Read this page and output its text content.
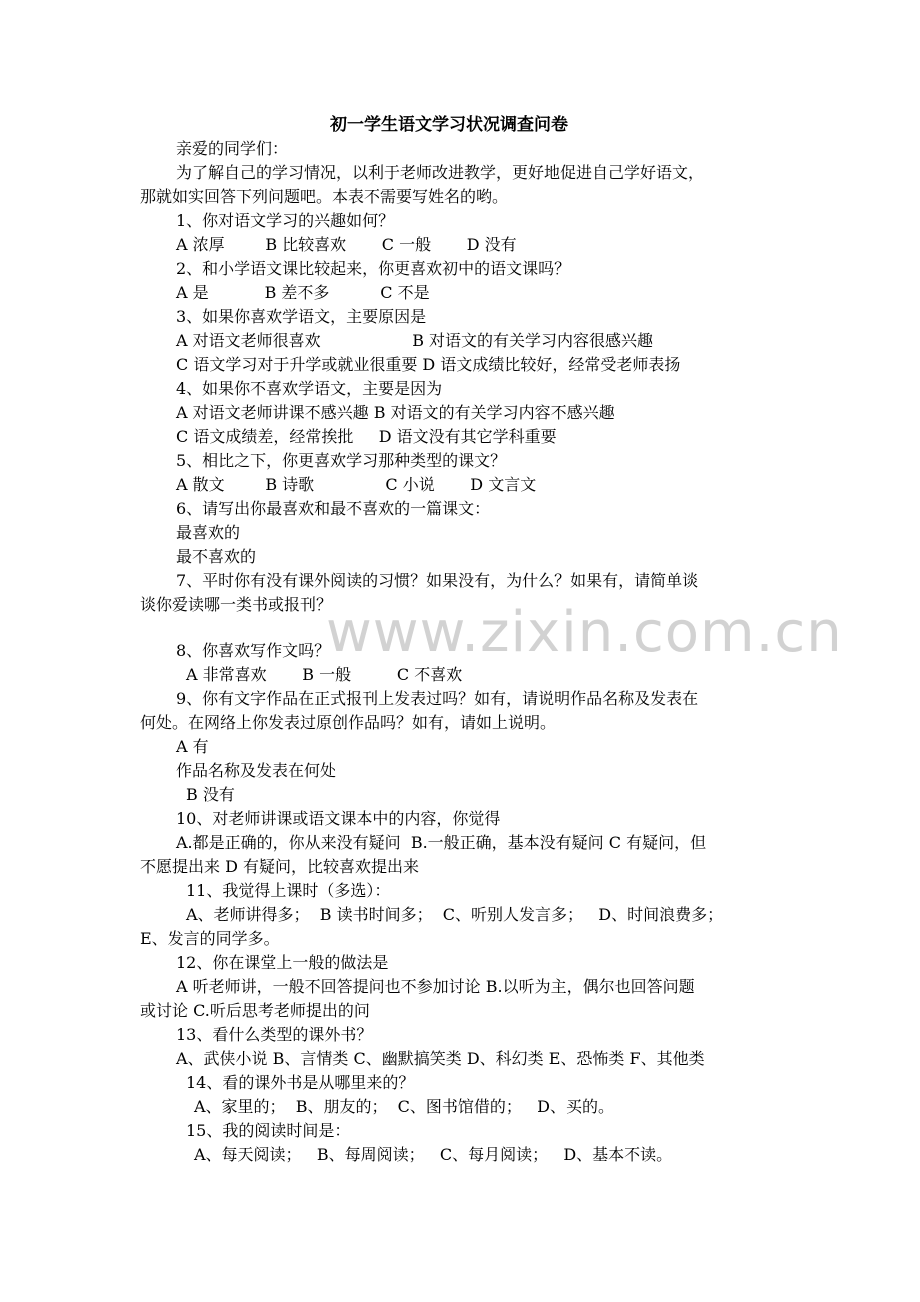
www.zixin.com.cn
初一学生语文学习状况调查问卷
亲爱的同学们：
为了解自己的学习情况，以利于老师改进教学，更好地促进自己学好语文，
那就如实回答下列问题吧。本表不需要写姓名的哟。
1、你对语文学习的兴趣如何？
A 浓厚        B 比较喜欢       C 一般       D 没有
2、和小学语文课比较起来，你更喜欢初中的语文课吗？
A 是           B 差不多          C 不是
3、如果你喜欢学语文，主要原因是
A 对语文老师很喜欢                  B 对语文的有关学习内容很感兴趣
C 语文学习对于升学或就业很重要 D 语文成绩比较好，经常受老师表扬
4、如果你不喜欢学语文，主要是因为
A 对语文老师讲课不感兴趣 B 对语文的有关学习内容不感兴趣
C 语文成绩差，经常挨批     D 语文没有其它学科重要
5、相比之下，你更喜欢学习那种类型的课文？
A 散文        B 诗歌              C 小说       D 文言文
6、请写出你最喜欢和最不喜欢的一篇课文：
最喜欢的
最不喜欢的
7、平时你有没有课外阅读的习惯？如果没有，为什么？如果有，请简单谈
谈你爱读哪一类书或报刊？
8、你喜欢写作文吗？
A 非常喜欢       B 一般         C 不喜欢
9、你有文字作品在正式报刊上发表过吗？如有，请说明作品名称及发表在
何处。在网络上你发表过原创作品吗？如有，请如上说明。
A 有
作品名称及发表在何处
B 没有
10、对老师讲课或语文课本中的内容，你觉得
A.都是正确的，你从来没有疑问  B.一般正确，基本没有疑问 C 有疑问，但
不愿提出来 D 有疑问，比较喜欢提出来
11、我觉得上课时（多选）：
A、老师讲得多；  B 读书时间多；  C、听别人发言多；   D、时间浪费多；
E、发言的同学多。
12、你在课堂上一般的做法是
A 听老师讲，一般不回答提问也不参加讨论 B.以听为主，偶尔也回答问题
或讨论 C.听后思考老师提出的问
13、看什么类型的课外书？
A、武侠小说 B、言情类 C、幽默搞笑类 D、科幻类 E、恐怖类 F、其他类
14、看的课外书是从哪里来的？
A、家里的；  B、朋友的；  C、图书馆借的；   D、买的。
15、我的阅读时间是：
A、每天阅读；   B、每周阅读；   C、每月阅读；   D、基本不读。
